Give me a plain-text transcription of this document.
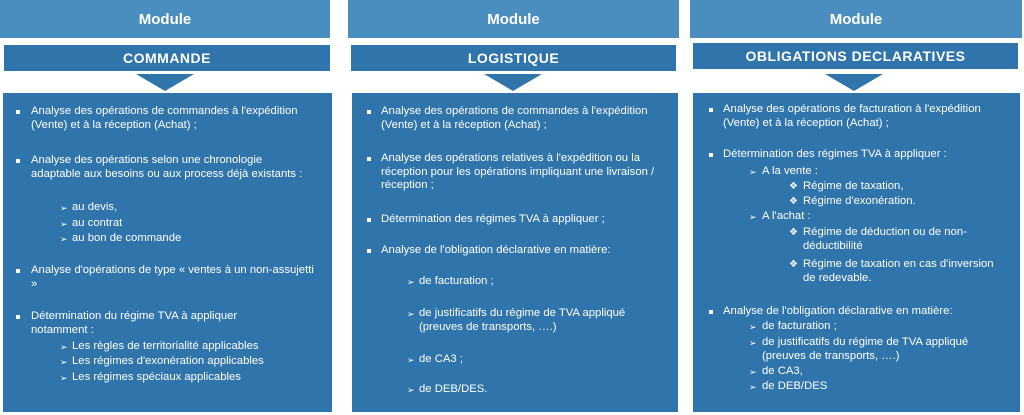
Module
COMMANDE
Analyse des opérations de commandes à l'expédition (Vente) et à la réception (Achat) ;
Analyse des opérations selon une chronologie adaptable aux besoins ou aux process déjà existants :
➢ au devis,
➢ au contrat
➢ au bon de commande
Analyse d'opérations de type « ventes à un non-assujetti »
Détermination du régime TVA à appliquer notamment :
➢ Les règles de territorialité applicables
➢ Les régimes d'exonération applicables
➢ Les régimes spéciaux applicables
Module
LOGISTIQUE
Analyse des opérations de commandes à l'expédition (Vente) et à la réception (Achat) ;
Analyse des opérations relatives à l'expédition ou la réception pour les opérations impliquant une livraison / réception ;
Détermination des régimes TVA à appliquer ;
Analyse de l'obligation déclarative en matière:
➢ de facturation ;
➢ de justificatifs du régime de TVA appliqué (preuves de transports, ….)
➢ de CA3 ;
➢ de DEB/DES.
Module
OBLIGATIONS DECLARATIVES
Analyse des opérations de facturation à l'expédition (Vente) et à la réception (Achat) ;
Détermination des régimes TVA à appliquer :
➢ A la vente :
❖ Régime de taxation,
❖ Régime d'exonération.
➢ A l'achat :
❖ Régime de déduction ou de non-déductibilité
❖ Régime de taxation en cas d'inversion de redevable.
Analyse de l'obligation déclarative en matière:
➢ de facturation ;
➢ de justificatifs du régime de TVA appliqué (preuves de transports, ….)
➢ de CA3,
➢ de DEB/DES
